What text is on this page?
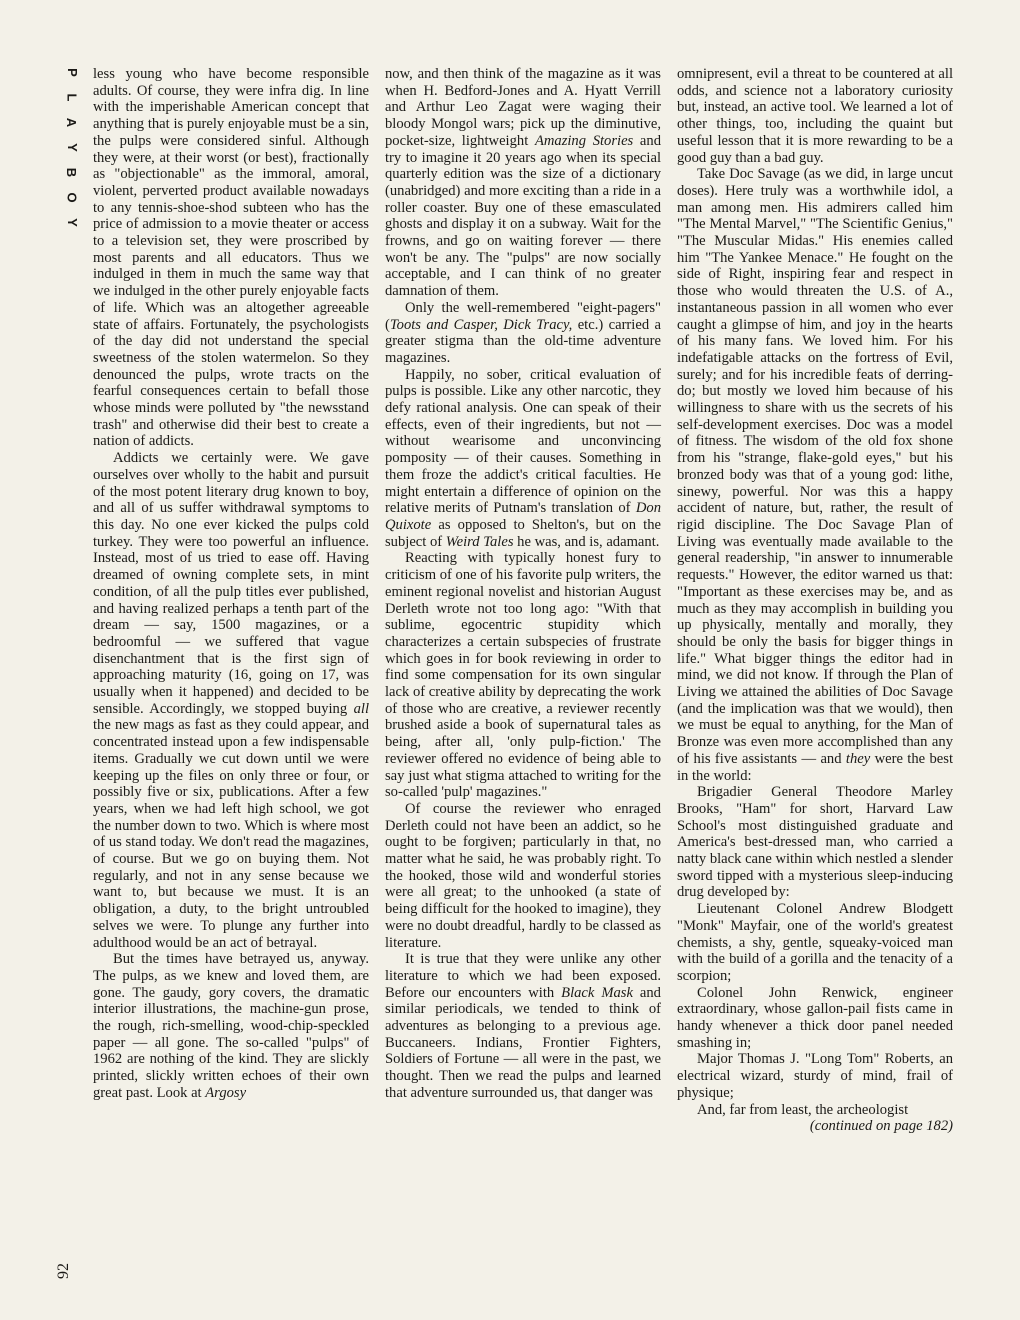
P
L
A
Y
B
O
Y
92

less young who have become responsible adults. Of course, they were infra dig. In line with the imperishable American concept that anything that is purely enjoyable must be a sin, the pulps were considered sinful. Although they were, at their worst (or best), fractionally as "objectionable" as the immoral, amoral, violent, perverted product available nowadays to any tennis-shoe-shod subteen who has the price of admission to a movie theater or access to a television set, they were proscribed by most parents and all educators. Thus we indulged in them in much the same way that we indulged in the other purely enjoyable facts of life. Which was an altogether agreeable state of affairs. Fortunately, the psychologists of the day did not understand the special sweetness of the stolen watermelon. So they denounced the pulps, wrote tracts on the fearful consequences certain to befall those whose minds were polluted by "the newsstand trash" and otherwise did their best to create a nation of addicts.

Addicts we certainly were. We gave ourselves over wholly to the habit and pursuit of the most potent literary drug known to boy, and all of us suffer withdrawal symptoms to this day. No one ever kicked the pulps cold turkey. They were too powerful an influence. Instead, most of us tried to ease off. Having dreamed of owning complete sets, in mint condition, of all the pulp titles ever published, and having realized perhaps a tenth part of the dream — say, 1500 magazines, or a bedroomful — we suffered that vague disenchantment that is the first sign of approaching maturity (16, going on 17, was usually when it happened) and decided to be sensible. Accordingly, we stopped buying all the new mags as fast as they could appear, and concentrated instead upon a few indispensable items. Gradually we cut down until we were keeping up the files on only three or four, or possibly five or six, publications. After a few years, when we had left high school, we got the number down to two. Which is where most of us stand today. We don't read the magazines, of course. But we go on buying them. Not regularly, and not in any sense because we want to, but because we must. It is an obligation, a duty, to the bright untroubled selves we were. To plunge any further into adulthood would be an act of betrayal.

But the times have betrayed us, anyway. The pulps, as we knew and loved them, are gone. The gaudy, gory covers, the dramatic interior illustrations, the machine-gun prose, the rough, rich-smelling, wood-chip-speckled paper — all gone. The so-called "pulps" of 1962 are nothing of the kind. They are slickly printed, slickly written echoes of their own great past. Look at Argosy

now, and then think of the magazine as it was when H. Bedford-Jones and A. Hyatt Verrill and Arthur Leo Zagat were waging their bloody Mongol wars; pick up the diminutive, pocket-size, lightweight Amazing Stories and try to imagine it 20 years ago when its special quarterly edition was the size of a dictionary (unabridged) and more exciting than a ride in a roller coaster. Buy one of these emasculated ghosts and display it on a subway. Wait for the frowns, and go on waiting forever — there won't be any. The "pulps" are now socially acceptable, and I can think of no greater damnation of them.

Only the well-remembered "eight-pagers" (Toots and Casper, Dick Tracy, etc.) carried a greater stigma than the old-time adventure magazines.

Happily, no sober, critical evaluation of pulps is possible. Like any other narcotic, they defy rational analysis. One can speak of their effects, even of their ingredients, but not — without wearisome and unconvincing pomposity — of their causes. Something in them froze the addict's critical faculties. He might entertain a difference of opinion on the relative merits of Putnam's translation of Don Quixote as opposed to Shelton's, but on the subject of Weird Tales he was, and is, adamant.

Reacting with typically honest fury to criticism of one of his favorite pulp writers, the eminent regional novelist and historian August Derleth wrote not too long ago: "With that sublime, egocentric stupidity which characterizes a certain subspecies of frustrate which goes in for book reviewing in order to find some compensation for its own singular lack of creative ability by deprecating the work of those who are creative, a reviewer recently brushed aside a book of supernatural tales as being, after all, 'only pulp-fiction.' The reviewer offered no evidence of being able to say just what stigma attached to writing for the so-called 'pulp' magazines."

Of course the reviewer who enraged Derleth could not have been an addict, so he ought to be forgiven; particularly in that, no matter what he said, he was probably right. To the hooked, those wild and wonderful stories were all great; to the unhooked (a state of being difficult for the hooked to imagine), they were no doubt dreadful, hardly to be classed as literature.

It is true that they were unlike any other literature to which we had been exposed. Before our encounters with Black Mask and similar periodicals, we tended to think of adventures as belonging to a previous age. Buccaneers. Indians, Frontier Fighters, Soldiers of Fortune — all were in the past, we thought. Then we read the pulps and learned that adventure surrounded us, that danger was

omnipresent, evil a threat to be countered at all odds, and science not a laboratory curiosity but, instead, an active tool. We learned a lot of other things, too, including the quaint but useful lesson that it is more rewarding to be a good guy than a bad guy.

Take Doc Savage (as we did, in large uncut doses). Here truly was a worthwhile idol, a man among men. His admirers called him "The Mental Marvel," "The Scientific Genius," "The Muscular Midas." His enemies called him "The Yankee Menace." He fought on the side of Right, inspiring fear and respect in those who would threaten the U.S. of A., instantaneous passion in all women who ever caught a glimpse of him, and joy in the hearts of his many fans. We loved him. For his indefatigable attacks on the fortress of Evil, surely; and for his incredible feats of derring-do; but mostly we loved him because of his willingness to share with us the secrets of his self-development exercises. Doc was a model of fitness. The wisdom of the old fox shone from his "strange, flake-gold eyes," but his bronzed body was that of a young god: lithe, sinewy, powerful. Nor was this a happy accident of nature, but, rather, the result of rigid discipline. The Doc Savage Plan of Living was eventually made available to the general readership, "in answer to innumerable requests." However, the editor warned us that: "Important as these exercises may be, and as much as they may accomplish in building you up physically, mentally and morally, they should be only the basis for bigger things in life." What bigger things the editor had in mind, we did not know. If through the Plan of Living we attained the abilities of Doc Savage (and the implication was that we would), then we must be equal to anything, for the Man of Bronze was even more accomplished than any of his five assistants — and they were the best in the world:

Brigadier General Theodore Marley Brooks, "Ham" for short, Harvard Law School's most distinguished graduate and America's best-dressed man, who carried a natty black cane within which nestled a slender sword tipped with a mysterious sleep-inducing drug developed by:

Lieutenant Colonel Andrew Blodgett "Monk" Mayfair, one of the world's greatest chemists, a shy, gentle, squeaky-voiced man with the build of a gorilla and the tenacity of a scorpion;

Colonel John Renwick, engineer extraordinary, whose gallon-pail fists came in handy whenever a thick door panel needed smashing in;

Major Thomas J. "Long Tom" Roberts, an electrical wizard, sturdy of mind, frail of physique;

And, far from least, the archeologist

(continued on page 182)
